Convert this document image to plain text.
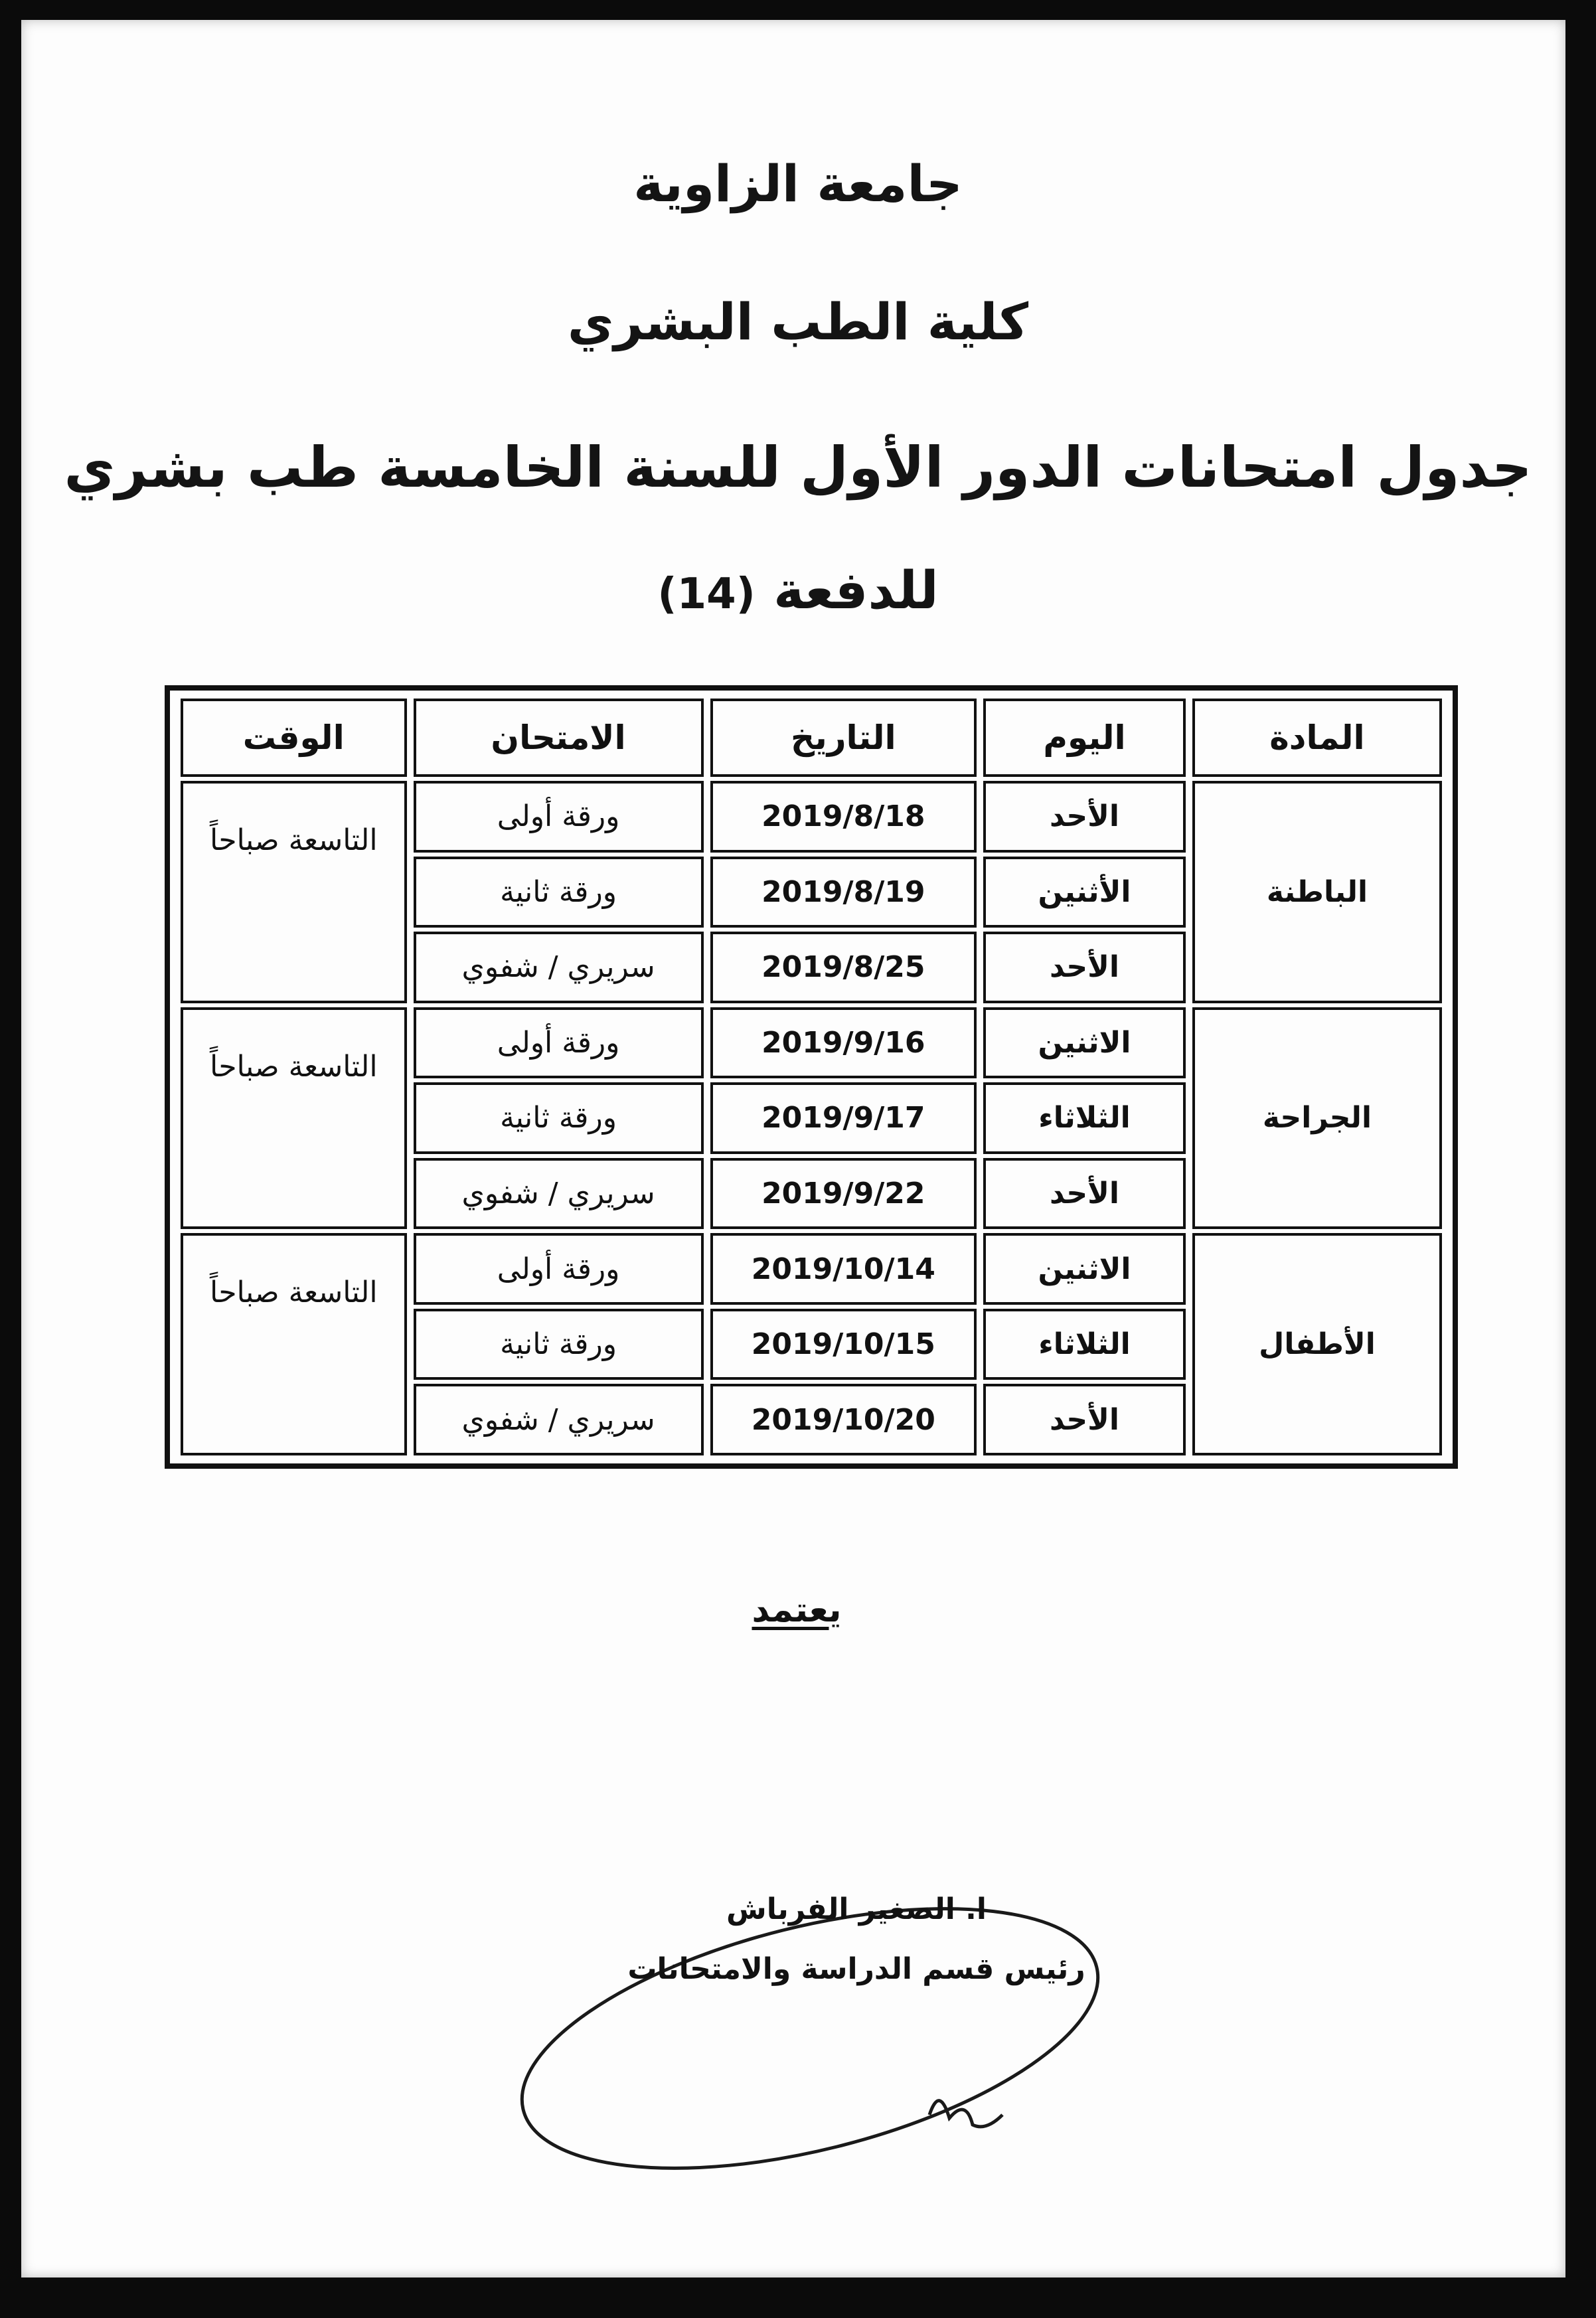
جامعة الزاوية
كلية الطب البشري
جدول امتحانات الدور الأول للسنة الخامسة طب بشري
للدفعة (14)
المادة	اليوم	التاريخ	الامتحان	الوقت
الباطنة	الأحد	2019/8/18	ورقة أولى	التاسعة صباحاً
	الأثنين	2019/8/19	ورقة ثانية	
	الأحد	2019/8/25	سريري / شفوي	
الجراحة	الاثنين	2019/9/16	ورقة أولى	التاسعة صباحاً
	الثلاثاء	2019/9/17	ورقة ثانية	
	الأحد	2019/9/22	سريري / شفوي	
الأطفال	الاثنين	2019/10/14	ورقة أولى	التاسعة صباحاً
	الثلاثاء	2019/10/15	ورقة ثانية	
	الأحد	2019/10/20	سريري / شفوي	
يعتمد
ا. الصغير الفرباش
رئيس قسم الدراسة والامتحانات
